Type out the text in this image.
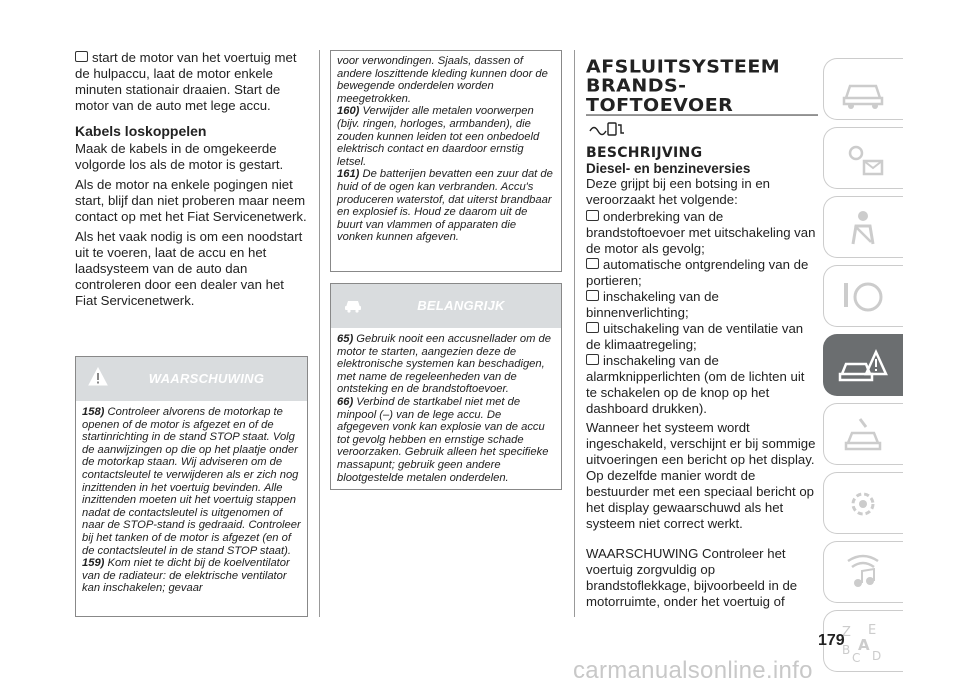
start de motor van het voertuig met de hulpaccu, laat de motor enkele minuten stationair draaien. Start de motor van de auto met lege accu.
Kabels loskoppelen
Maak de kabels in de omgekeerde volgorde los als de motor is gestart.
Als de motor na enkele pogingen niet start, blijf dan niet proberen maar neem contact op met het Fiat Servicenetwerk.
Als het vaak nodig is om een noodstart uit te voeren, laat de accu en het laadsysteem van de auto dan controleren door een dealer van het Fiat Servicenetwerk.
WAARSCHUWING
158) Controleer alvorens de motorkap te openen of de motor is afgezet en of de startinrichting in de stand STOP staat. Volg de aanwijzingen op die op het plaatje onder de motorkap staan. Wij adviseren om de contactsleutel te verwijderen als er zich nog inzittenden in het voertuig bevinden. Alle inzittenden moeten uit het voertuig stappen nadat de contactsleutel is uitgenomen of naar de STOP-stand is gedraaid. Controleer bij het tanken of de motor is afgezet (en of de contactsleutel in de stand STOP staat).
159) Kom niet te dicht bij de koelventilator van de radiateur: de elektrische ventilator kan inschakelen; gevaar
voor verwondingen. Sjaals, dassen of andere loszittende kleding kunnen door de bewegende onderdelen worden meegetrokken.
160) Verwijder alle metalen voorwerpen (bijv. ringen, horloges, armbanden), die zouden kunnen leiden tot een onbedoeld elektrisch contact en daardoor ernstig letsel.
161) De batterijen bevatten een zuur dat de huid of de ogen kan verbranden. Accu's produceren waterstof, dat uiterst brandbaar en explosief is. Houd ze daarom uit de buurt van vlammen of apparaten die vonken kunnen afgeven.
BELANGRIJK
65) Gebruik nooit een accusnellader om de motor te starten, aangezien deze de elektronische systemen kan beschadigen, met name de regeleenheden van de ontsteking en de brandstoftoevoer.
66) Verbind de startkabel niet met de minpool (–) van de lege accu. De afgegeven vonk kan explosie van de accu tot gevolg hebben en ernstige schade veroorzaken. Gebruik alleen het specifieke massapunt; gebruik geen andere blootgestelde metalen onderdelen.
AFSLUITSYSTEEM
BRANDS-
TOFTOEVOER
BESCHRIJVING
Diesel- en benzineversies
Deze grijpt bij een botsing in en veroorzaakt het volgende:
onderbreking van de brandstoftoevoer met uitschakeling van de motor als gevolg;
automatische ontgrendeling van de portieren;
inschakeling van de binnenverlichting;
uitschakeling van de ventilatie van de klimaatregeling;
inschakeling van de alarmknipperlichten (om de lichten uit te schakelen op de knop op het dashboard drukken).
Wanneer het systeem wordt ingeschakeld, verschijnt er bij sommige uitvoeringen een bericht op het display. Op dezelfde manier wordt de bestuurder met een speciaal bericht op het display gewaarschuwd als het systeem niet correct werkt.
WAARSCHUWING Controleer het voertuig zorgvuldig op brandstoflekkage, bijvoorbeeld in de motorruimte, onder het voertuig of
Z E
A
B D
C
179
carmanualsonline.info
